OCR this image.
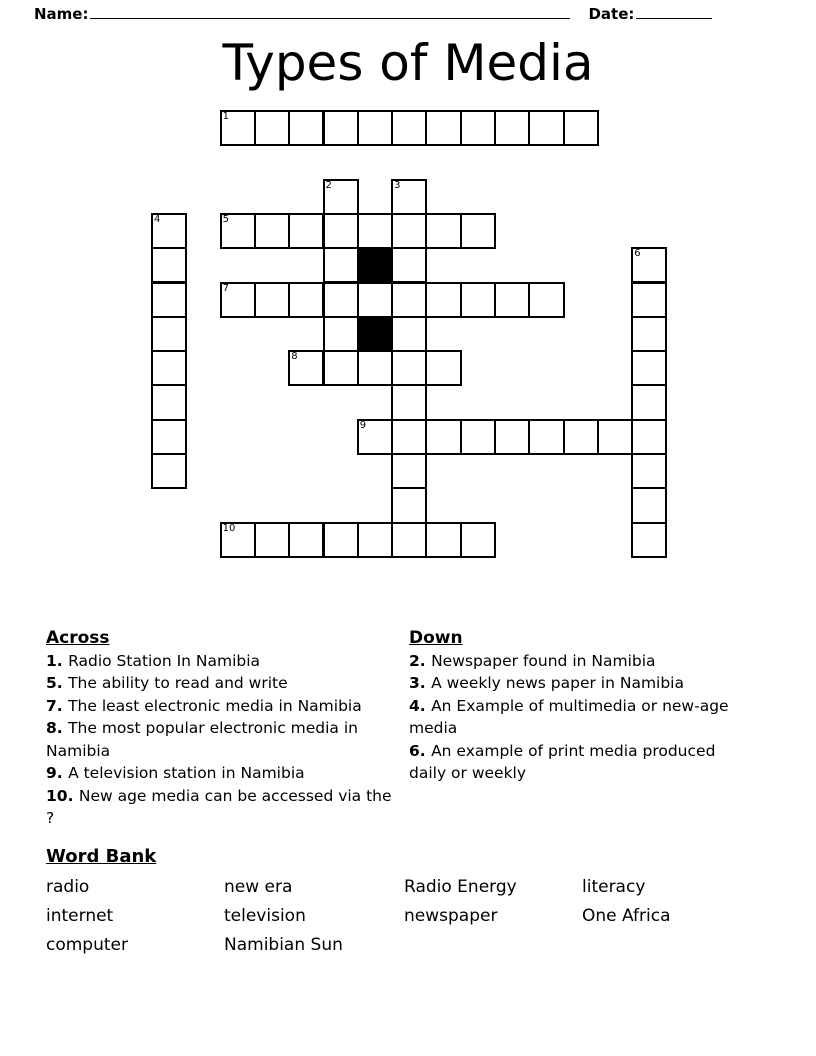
Name:	Date:
Types of Media
1
2	3
4	5
6
7
8
9
10
Across

1. Radio Station In Namibia

5. The ability to read and write

7. The least electronic media in Namibia

8. The most popular electronic media in Namibia

9. A television station in Namibia

10. New age media can be accessed via the ?

Down

2. Newspaper found in Namibia

3. A weekly news paper in Namibia

4. An Example of multimedia or new-age media

6. An example of print media produced daily or weekly

Word Bank
radio	new era	Radio Energy	literacy
internet	television	newspaper	One Africa
computer	Namibian Sun
